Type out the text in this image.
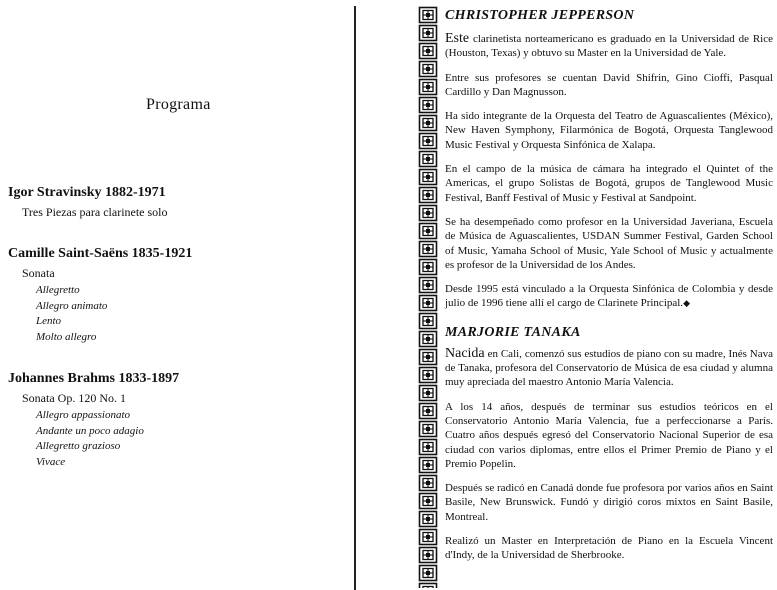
Programa

Igor Stravinsky 1882-1971

Tres Piezas para clarinete solo

Camille Saint-Saëns 1835-1921

Sonata

Allegretto
Allegro animato
Lento
Molto allegro

Johannes Brahms 1833-1897

Sonata Op. 120 No. 1

Allegro appassionato
Andante un poco adagio
Allegretto grazioso
Vivace

CHRISTOPHER JEPPERSON

Este clarinetista norteamericano es graduado en la Universidad de Rice (Houston, Texas) y obtuvo su Master en la Universidad de Yale.

Entre sus profesores se cuentan David Shifrin, Gino Cioffi, Pasqual Cardillo y Dan Magnusson.

Ha sido integrante de la Orquesta del Teatro de Aguascalientes (México), New Haven Symphony, Filarmónica de Bogotá, Orquesta Tanglewood Music Festival y Orquesta Sinfónica de Xalapa.

En el campo de la música de cámara ha integrado el Quintet of the Americas, el grupo Solistas de Bogotá, grupos de Tanglewood Music Festival, Banff Festival of Music y Festival at Sandpoint.

Se ha desempeñado como profesor en la Universidad Javeriana, Escuela de Música de Aguascalientes, USDAN Summer Festival, Garden School of Music, Yamaha School of Music, Yale School of Music y actualmente es profesor de la Universidad de los Andes.

Desde 1995 está vinculado a la Orquesta Sinfónica de Colombia y desde julio de 1996 tiene allí el cargo de Clarinete Principal.◆

MARJORIE TANAKA

Nacida en Cali, comenzó sus estudios de piano con su madre, Inés Nava de Tanaka, profesora del Conservatorio de Música de esa ciudad y alumna muy apreciada del maestro Antonio María Valencia.

A los 14 años, después de terminar sus estudios teóricos en el Conservatorio Antonio María Valencia, fue a perfeccionarse a París. Cuatro años después egresó del Conservatorio Nacional Superior de esa ciudad con varios diplomas, entre ellos el Primer Premio de Piano y el Premio Popelin.

Después se radicó en Canadá donde fue profesora por varios años en Saint Basile, New Brunswick. Fundó y dirigió coros mixtos en Saint Basile, Montreal.

Realizó un Master en Interpretación de Piano en la Escuela Vincent d'Indy, de la Universidad de Sherbrooke.
